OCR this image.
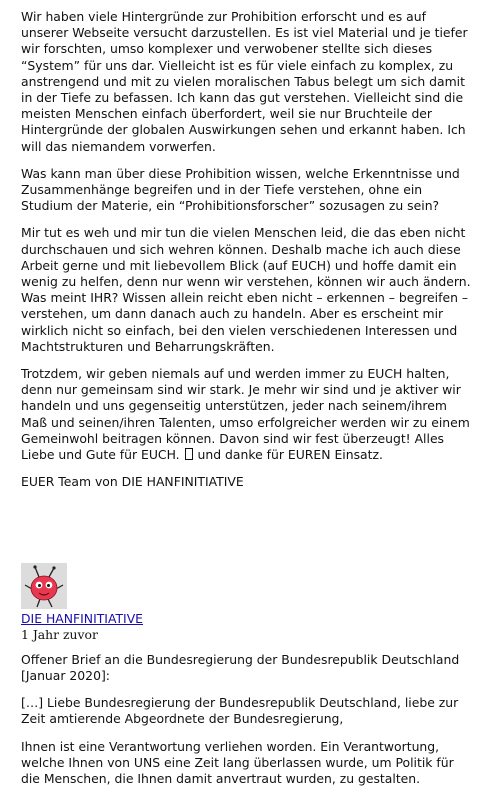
Wir haben viele Hintergründe zur Prohibition erforscht und es auf unserer Webseite versucht darzustellen. Es ist viel Material und je tiefer wir forschten, umso komplexer und verwobener stellte sich dieses “System” für uns dar. Vielleicht ist es für viele einfach zu komplex, zu anstrengend und mit zu vielen moralischen Tabus belegt um sich damit in der Tiefe zu befassen. Ich kann das gut verstehen. Vielleicht sind die meisten Menschen einfach überfordert, weil sie nur Bruchteile der Hintergründe der globalen Auswirkungen sehen und erkannt haben. Ich will das niemandem vorwerfen.

Was kann man über diese Prohibition wissen, welche Erkenntnisse und Zusammenhänge begreifen und in der Tiefe verstehen, ohne ein Studium der Materie, ein “Prohibitionsforscher” sozusagen zu sein?

Mir tut es weh und mir tun die vielen Menschen leid, die das eben nicht durchschauen und sich wehren können. Deshalb mache ich auch diese Arbeit gerne und mit liebevollem Blick (auf EUCH) und hoffe damit ein wenig zu helfen, denn nur wenn wir verstehen, können wir auch ändern. Was meint IHR? Wissen allein reicht eben nicht – erkennen – begreifen – verstehen, um dann danach auch zu handeln. Aber es erscheint mir wirklich nicht so einfach, bei den vielen verschiedenen Interessen und Machtstrukturen und Beharrungskräften.

Trotzdem, wir geben niemals auf und werden immer zu EUCH halten, denn nur gemeinsam sind wir stark. Je mehr wir sind und je aktiver wir handeln und uns gegenseitig unterstützen, jeder nach seinem/ihrem Maß und seinen/ihren Talenten, umso erfolgreicher werden wir zu einem Gemeinwohl beitragen können. Davon sind wir fest überzeugt! Alles Liebe und Gute für EUCH. und danke für EUREN Einsatz.

EUER Team von DIE HANFINITIATIVE

DIE HANFINITIATIVE
1 Jahr zuvor

Offener Brief an die Bundesregierung der Bundesrepublik Deutschland [Januar 2020]:

[…] Liebe Bundesregierung der Bundesrepublik Deutschland, liebe zur Zeit amtierende Abgeordnete der Bundesregierung,

Ihnen ist eine Verantwortung verliehen worden. Ein Verantwortung, welche Ihnen von UNS eine Zeit lang überlassen wurde, um Politik für die Menschen, die Ihnen damit anvertraut wurden, zu gestalten.
